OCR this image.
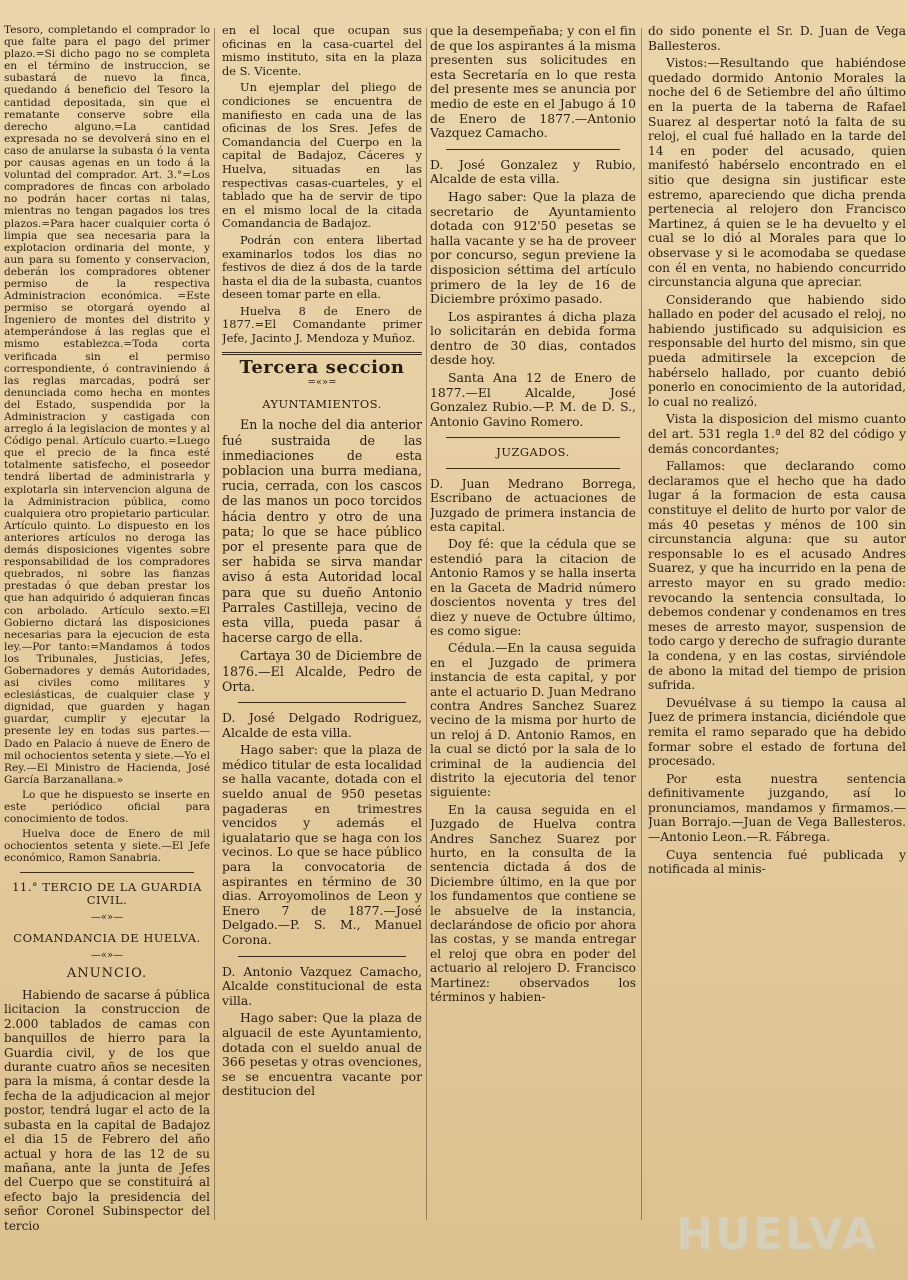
Tesoro, completando el comprador lo que falte para el pago del primer plazo.=Si dicho pago no se completa en el término de instruccion, se subastará de nuevo la finca, quedando á beneficio del Tesoro la cantidad depositada, sin que el rematante conserve sobre ella derecho alguno.=La cantidad expresada no se devolverá sino en el caso de anularse la subasta ó la venta por causas agenas en un todo á la voluntad del comprador. Art. 3.°=Los compradores de fincas con arbolado no podrán hacer cortas ni talas, mientras no tengan pagados los tres plazos.=Para hacer cualquier corta ó limpia que sea necesaria para la explotacion ordinaria del monte, y aun para su fomento y conservacion, deberán los compradores obtener permiso de la respectiva Administracion económica. =Este permiso se otorgará oyendo al Ingeniero de montes del distrito y atemperándose á las reglas que el mismo establezca.=Toda corta verificada sin el permiso correspondiente, ó contraviniendo á las reglas marcadas, podrá ser denunciada como hecha en montes del Estado, suspendida por la Administracion y castigada con arreglo á la legislacion de montes y al Código penal. Artículo cuarto.=Luego que el precio de la finca esté totalmente satisfecho, el poseedor tendrá libertad de administrarla y explotarla sin intervencion alguna de la Administracion pública, como cualquiera otro propietario particular. Artículo quinto. Lo dispuesto en los anteriores artículos no deroga las demás disposiciones vigentes sobre responsabilidad de los compradores quebrados, ni sobre las fianzas prestadas ó que deban prestar los que han adquirido ó adquieran fincas con arbolado. Artículo sexto.=El Gobierno dictará las disposiciones necesarias para la ejecucion de esta ley.—Por tanto:=Mandamos á todos los Tribunales, Justicias, Jefes, Gobernadores y demás Autoridades, asi civiles como militares y eclesiásticas, de cualquier clase y dignidad, que guarden y hagan guardar, cumplir y ejecutar la presente ley en todas sus partes.—Dado en Palacio á nueve de Enero de mil ochocientos setenta y siete.—Yo el Rey.—El Ministro de Hacienda, José García Barzanallana.»

Lo que he dispuesto se inserte en este periódico oficial para conocimiento de todos.

Huelva doce de Enero de mil ochocientos setenta y siete.—El Jefe económico, Ramon Sanabria.

11.° TERCIO DE LA GUARDIA CIVIL.
—«»—
COMANDANCIA DE HUELVA.
—«»—
ANUNCIO.

Habiendo de sacarse á pública licitacion la construccion de 2.000 tablados de camas con banquillos de hierro para la Guardia civil, y de los que durante cuatro años se necesiten para la misma, á contar desde la fecha de la adjudicacion al mejor postor, tendrá lugar el acto de la subasta en la capital de Badajoz el dia 15 de Febrero del año actual y hora de las 12 de su mañana, ante la junta de Jefes del Cuerpo que se constituirá al efecto bajo la presidencia del señor Coronel Subinspector del tercio

en el local que ocupan sus oficinas en la casa-cuartel del mismo instituto, sita en la plaza de S. Vicente.

Un ejemplar del pliego de condiciones se encuentra de manifiesto en cada una de las oficinas de los Sres. Jefes de Comandancia del Cuerpo en la capital de Badajoz, Cáceres y Huelva, situadas en las respectivas casas-cuarteles, y el tablado que ha de servir de tipo en el mismo local de la citada Comandancia de Badajoz.

Podrán con entera libertad examinarlos todos los dias no festivos de diez á dos de la tarde hasta el dia de la subasta, cuantos deseen tomar parte en ella.

Huelva 8 de Enero de 1877.=El Comandante primer Jefe, Jacinto J. Mendoza y Muñoz.

Tercera seccion
=«»=
AYUNTAMIENTOS.

En la noche del dia anterior fué sustraida de las inmediaciones de esta poblacion una burra mediana, rucia, cerrada, con los cascos de las manos un poco torcidos hácia dentro y otro de una pata; lo que se hace público por el presente para que de ser habida se sirva mandar aviso á esta Autoridad local para que su dueño Antonio Parrales Castilleja, vecino de esta villa, pueda pasar á hacerse cargo de ella.

Cartaya 30 de Diciembre de 1876.—El Alcalde, Pedro de Orta.

D. José Delgado Rodriguez, Alcalde de esta villa.

Hago saber: que la plaza de médico titular de esta localidad se halla vacante, dotada con el sueldo anual de 950 pesetas pagaderas en trimestres vencidos y además el igualatario que se haga con los vecinos. Lo que se hace público para la convocatoria de aspirantes en término de 30 dias. Arroyomolinos de Leon y Enero 7 de 1877.—José Delgado.—P. S. M., Manuel Corona.

D. Antonio Vazquez Camacho, Alcalde constitucional de esta villa.

Hago saber: Que la plaza de alguacil de este Ayuntamiento, dotada con el sueldo anual de 366 pesetas y otras ovenciones, se se encuentra vacante por destitucion del

que la desempeñaba; y con el fin de que los aspirantes á la misma presenten sus solicitudes en esta Secretaría en lo que resta del presente mes se anuncia por medio de este en el Jabugo á 10 de Enero de 1877.—Antonio Vazquez Camacho.

D. José Gonzalez y Rubio, Alcalde de esta villa.

Hago saber: Que la plaza de secretario de Ayuntamiento dotada con 912'50 pesetas se halla vacante y se ha de proveer por concurso, segun previene la disposicion séttima del artículo primero de la ley de 16 de Diciembre próximo pasado.

Los aspirantes á dicha plaza lo solicitarán en debida forma dentro de 30 dias, contados desde hoy.

Santa Ana 12 de Enero de 1877.—El Alcalde, José Gonzalez Rubio.—P. M. de D. S., Antonio Gavino Romero.

JUZGADOS.

D. Juan Medrano Borrega, Escribano de actuaciones de Juzgado de primera instancia de esta capital.

Doy fé: que la cédula que se estendió para la citacion de Antonio Ramos y se halla inserta en la Gaceta de Madrid número doscientos noventa y tres del diez y nueve de Octubre último, es como sigue:

Cédula.—En la causa seguida en el Juzgado de primera instancia de esta capital, y por ante el actuario D. Juan Medrano contra Andres Sanchez Suarez vecino de la misma por hurto de un reloj á D. Antonio Ramos, en la cual se dictó por la sala de lo criminal de la audiencia del distrito la ejecutoria del tenor siguiente:

En la causa seguida en el Juzgado de Huelva contra Andres Sanchez Suarez por hurto, en la consulta de la sentencia dictada á dos de Diciembre último, en la que por los fundamentos que contiene se le absuelve de la instancia, declarándose de oficio por ahora las costas, y se manda entregar el reloj que obra en poder del actuario al relojero D. Francisco Martinez: observados los términos y habien-

do sido ponente el Sr. D. Juan de Vega Ballesteros.

Vistos:—Resultando que habiéndose quedado dormido Antonio Morales la noche del 6 de Setiembre del año último en la puerta de la taberna de Rafael Suarez al despertar notó la falta de su reloj, el cual fué hallado en la tarde del 14 en poder del acusado, quien manifestó habérselo encontrado en el sitio que designa sin justificar este estremo, apareciendo que dicha prenda pertenecia al relojero don Francisco Martinez, á quien se le ha devuelto y el cual se lo dió al Morales para que lo observase y si le acomodaba se quedase con él en venta, no habiendo concurrido circunstancia alguna que apreciar.

Considerando que habiendo sido hallado en poder del acusado el reloj, no habiendo justificado su adquisicion es responsable del hurto del mismo, sin que pueda admitirsele la excepcion de habérselo hallado, por cuanto debió ponerlo en conocimiento de la autoridad, lo cual no realizó.

Vista la disposicion del mismo cuanto del art. 531 regla 1.ª del 82 del código y demás concordantes;

Fallamos: que declarando como declaramos que el hecho que ha dado lugar á la formacion de esta causa constituye el delito de hurto por valor de más 40 pesetas y ménos de 100 sin circunstancia alguna: que su autor responsable lo es el acusado Andres Suarez, y que ha incurrido en la pena de arresto mayor en su grado medio: revocando la sentencia consultada, lo debemos condenar y condenamos en tres meses de arresto mayor, suspension de todo cargo y derecho de sufragio durante la condena, y en las costas, sirviéndole de abono la mitad del tiempo de prision sufrida.

Devuélvase á su tiempo la causa al Juez de primera instancia, diciéndole que remita el ramo separado que ha debido formar sobre el estado de fortuna del procesado.

Por esta nuestra sentencia definitivamente juzgando, así lo pronunciamos, mandamos y firmamos.—Juan Borrajo.—Juan de Vega Ballesteros.—Antonio Leon.—R. Fábrega.

Cuya sentencia fué publicada y notificada al minis-

HUELVA
